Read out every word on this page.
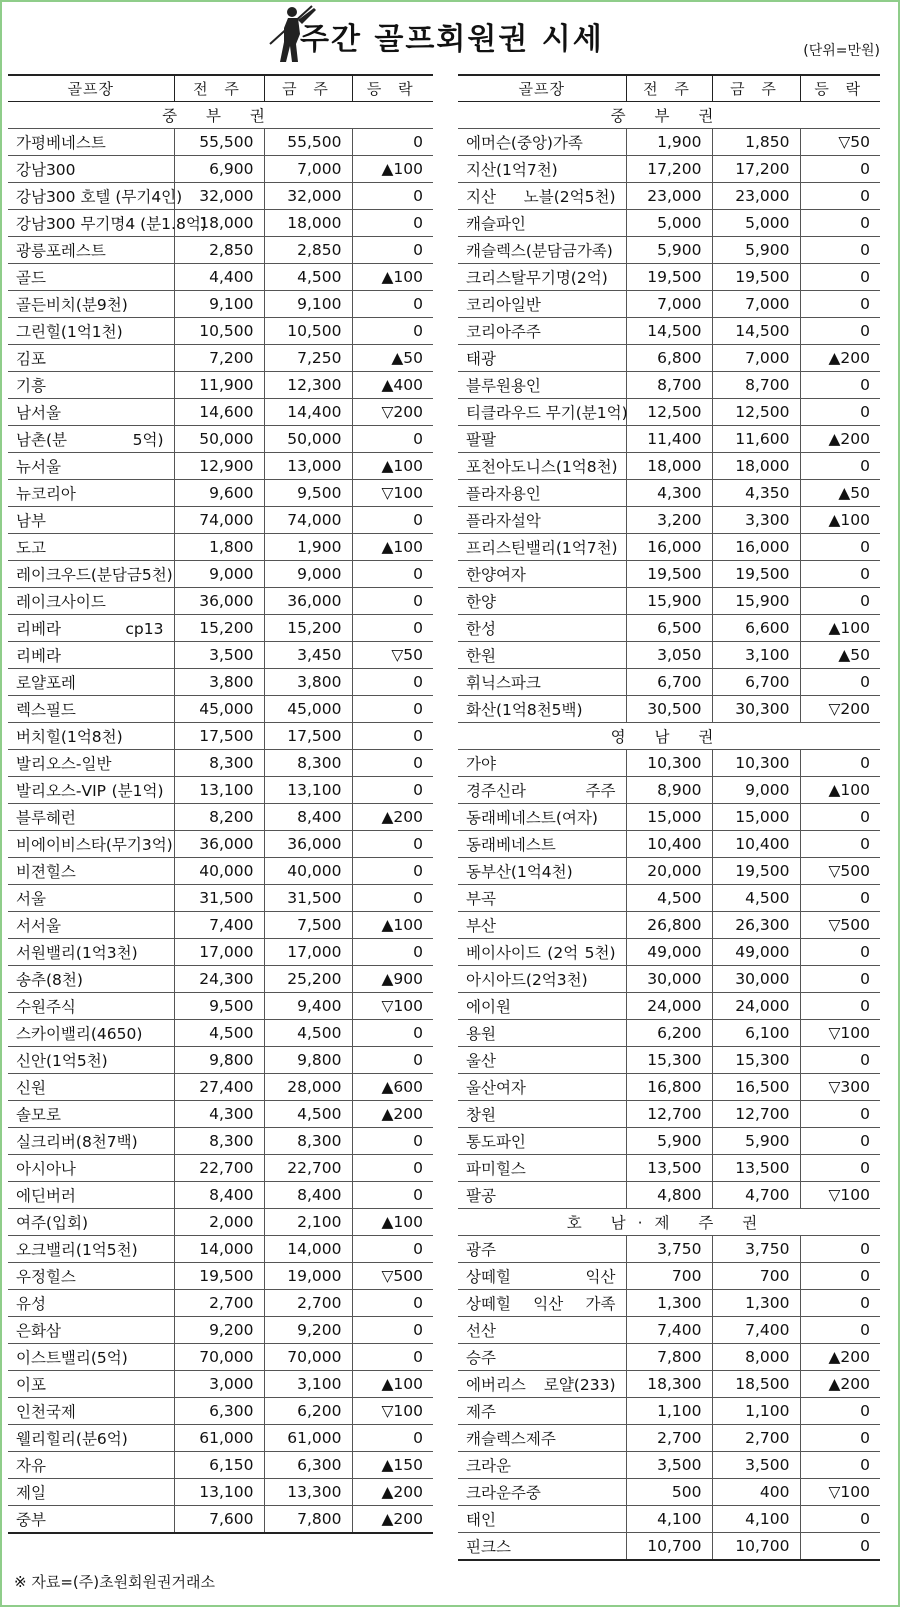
주간 골프회원권 시세	(단위=만원)
골프장	전 주	금 주	등 락
중 부 권			
가평베네스트	55,500	55,500	0
강남300	6,900	7,000	▲100
강남300 호텔 (무기4인)	32,000	32,000	0
강남300 무기명4 (분1.8억)	18,000	18,000	0
광릉포레스트	2,850	2,850	0
골드	4,400	4,500	▲100
골든비치(분9천)	9,100	9,100	0
그린힐(1억1천)	10,500	10,500	0
김포	7,200	7,250	▲50
기흥	11,900	12,300	▲400
남서울	14,600	14,400	▽200
남촌(분 5억)	50,000	50,000	0
뉴서울	12,900	13,000	▲100
뉴코리아	9,600	9,500	▽100
남부	74,000	74,000	0
도고	1,800	1,900	▲100
레이크우드(분담금5천)	9,000	9,000	0
레이크사이드	36,000	36,000	0
리베라 cp13	15,200	15,200	0
리베라	3,500	3,450	▽50
로얄포레	3,800	3,800	0
렉스필드	45,000	45,000	0
버치힐(1억8천)	17,500	17,500	0
발리오스-일반	8,300	8,300	0
발리오스-VIP (분1억)	13,100	13,100	0
블루헤런	8,200	8,400	▲200
비에이비스타(무기3억)	36,000	36,000	0
비젼힐스	40,000	40,000	0
서울	31,500	31,500	0
서서울	7,400	7,500	▲100
서원밸리(1억3천)	17,000	17,000	0
송추(8천)	24,300	25,200	▲900
수원주식	9,500	9,400	▽100
스카이밸리(4650)	4,500	4,500	0
신안(1억5천)	9,800	9,800	0
신원	27,400	28,000	▲600
솔모로	4,300	4,500	▲200
실크리버(8천7백)	8,300	8,300	0
아시아나	22,700	22,700	0
에딘버러	8,400	8,400	0
여주(입회)	2,000	2,100	▲100
오크밸리(1억5천)	14,000	14,000	0
우정힐스	19,500	19,000	▽500
유성	2,700	2,700	0
은화삼	9,200	9,200	0
이스트밸리(5억)	70,000	70,000	0
이포	3,000	3,100	▲100
인천국제	6,300	6,200	▽100
웰리힐리(분6억)	61,000	61,000	0
자유	6,150	6,300	▲150
제일	13,100	13,300	▲200
중부	7,600	7,800	▲200
골프장	전 주	금 주	등 락
중 부 권			
에머슨(중앙)가족	1,900	1,850	▽50
지산(1억7천)	17,200	17,200	0
지산 노블(2억5천)	23,000	23,000	0
캐슬파인	5,000	5,000	0
캐슬렉스(분담금가족)	5,900	5,900	0
크리스탈무기명(2억)	19,500	19,500	0
코리아일반	7,000	7,000	0
코리아주주	14,500	14,500	0
태광	6,800	7,000	▲200
블루원용인	8,700	8,700	0
티클라우드 무기(분1억)	12,500	12,500	0
팔팔	11,400	11,600	▲200
포천아도니스(1억8천)	18,000	18,000	0
플라자용인	4,300	4,350	▲50
플라자설악	3,200	3,300	▲100
프리스틴밸리(1억7천)	16,000	16,000	0
한양여자	19,500	19,500	0
한양	15,900	15,900	0
한성	6,500	6,600	▲100
한원	3,050	3,100	▲50
휘닉스파크	6,700	6,700	0
화산(1억8천5백)	30,500	30,300	▽200
영 남 권			
가야	10,300	10,300	0
경주신라 주주	8,900	9,000	▲100
동래베네스트(여자)	15,000	15,000	0
동래베네스트	10,400	10,400	0
동부산(1억4천)	20,000	19,500	▽500
부곡	4,500	4,500	0
부산	26,800	26,300	▽500
베이사이드 (2억 5천)	49,000	49,000	0
아시아드(2억3천)	30,000	30,000	0
에이원	24,000	24,000	0
용원	6,200	6,100	▽100
울산	15,300	15,300	0
울산여자	16,800	16,500	▽300
창원	12,700	12,700	0
통도파인	5,900	5,900	0
파미힐스	13,500	13,500	0
팔공	4,800	4,700	▽100
호 남·제 주 권			
광주	3,750	3,750	0
상떼힐 익산	700	700	0
상떼힐 익산 가족	1,300	1,300	0
선산	7,400	7,400	0
승주	7,800	8,000	▲200
에버리스 로얄(233)	18,300	18,500	▲200
제주	1,100	1,100	0
캐슬렉스제주	2,700	2,700	0
크라운	3,500	3,500	0
크라운주중	500	400	▽100
태인	4,100	4,100	0
핀크스	10,700	10,700	0
※ 자료=(주)초원회원권거래소
